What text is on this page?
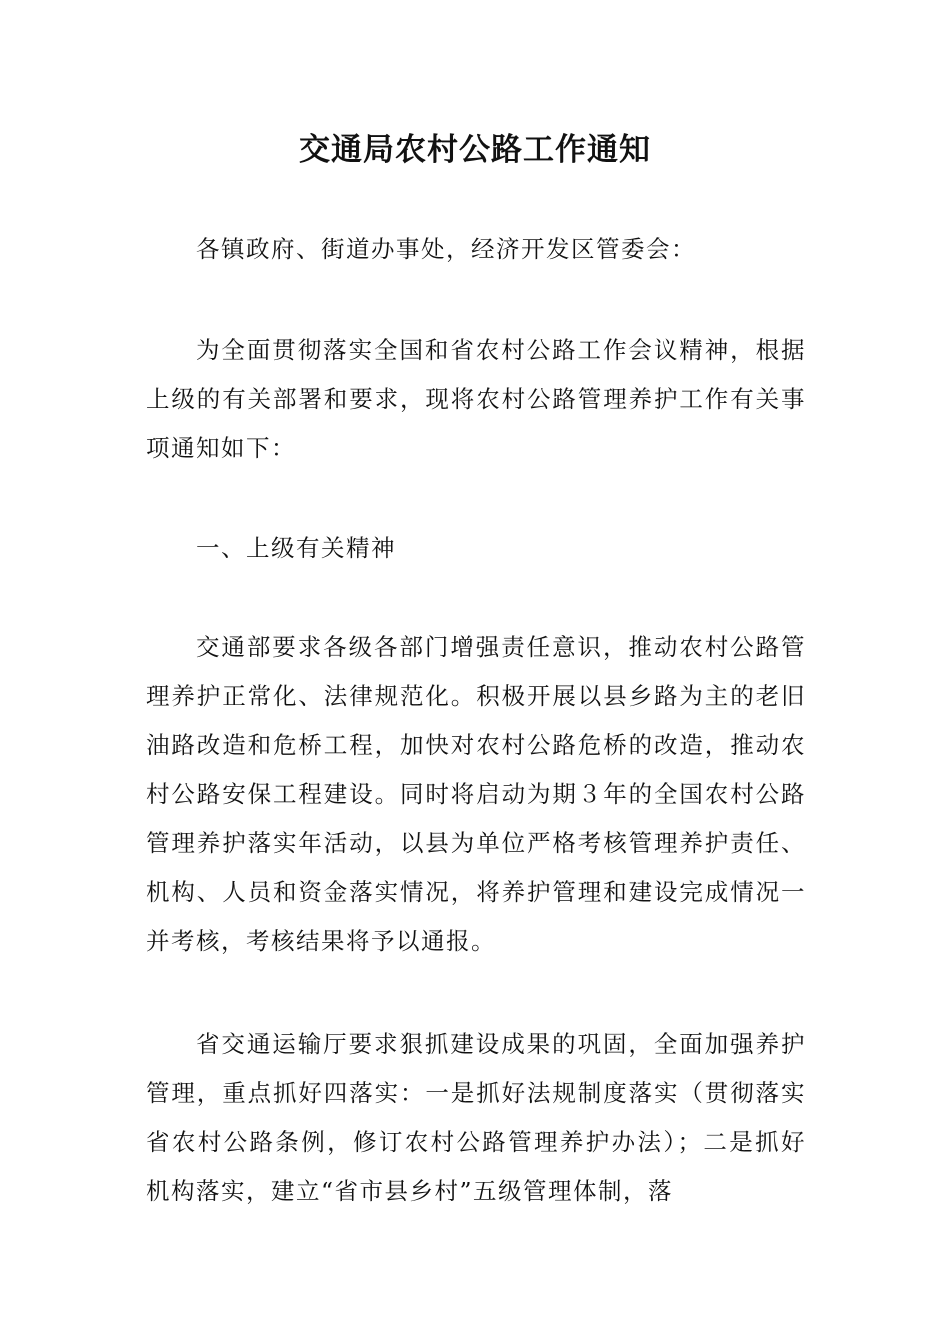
交通局农村公路工作通知

各镇政府、街道办事处，经济开发区管委会：

为全面贯彻落实全国和省农村公路工作会议精神，根据上级的有关部署和要求，现将农村公路管理养护工作有关事项通知如下：

一、上级有关精神

交通部要求各级各部门增强责任意识，推动农村公路管理养护正常化、法律规范化。积极开展以县乡路为主的老旧油路改造和危桥工程，加快对农村公路危桥的改造，推动农村公路安保工程建设。同时将启动为期３年的全国农村公路管理养护落实年活动，以县为单位严格考核管理养护责任、机构、人员和资金落实情况，将养护管理和建设完成情况一并考核，考核结果将予以通报。

省交通运输厅要求狠抓建设成果的巩固，全面加强养护管理，重点抓好四落实：一是抓好法规制度落实（贯彻落实省农村公路条例，修订农村公路管理养护办法）；二是抓好机构落实，建立“省市县乡村”五级管理体制，落
